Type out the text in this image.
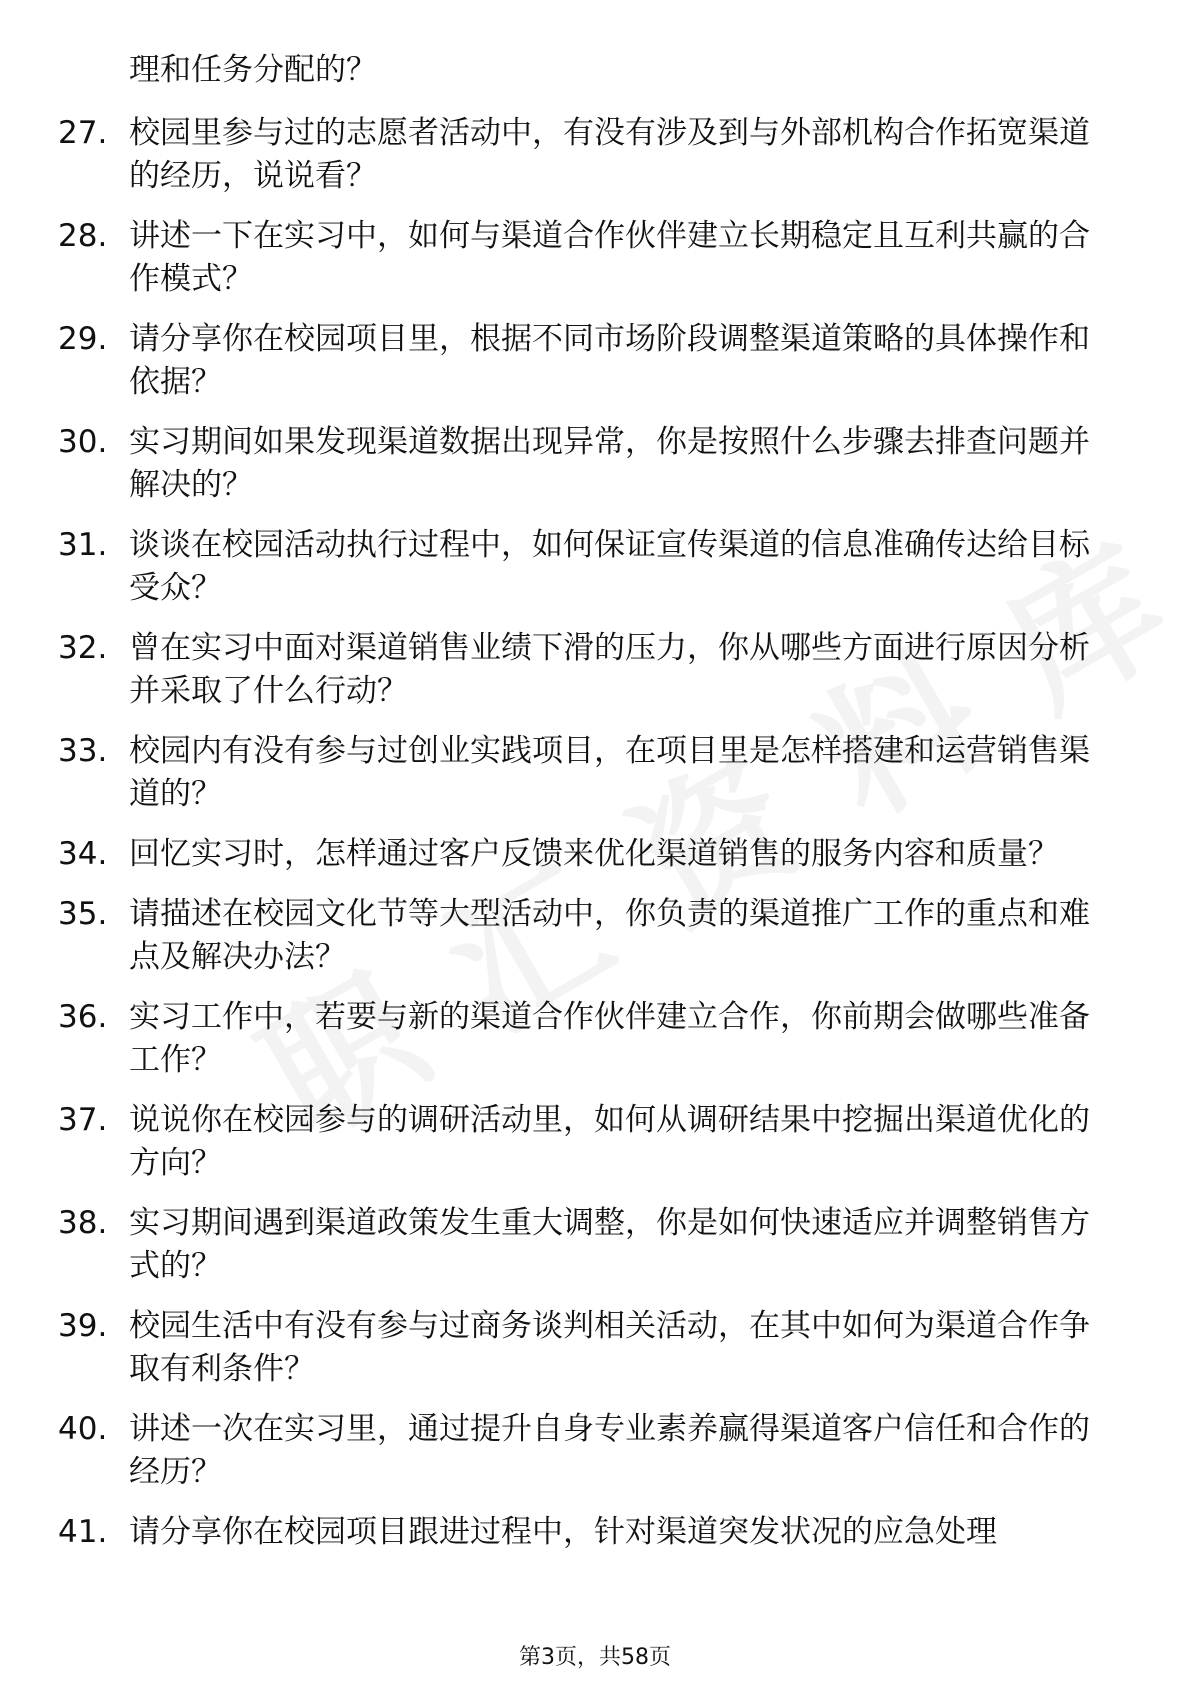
理和任务分配的？
27. 校园里参与过的志愿者活动中，有没有涉及到与外部机构合作拓宽渠道的经历，说说看？
28. 讲述一下在实习中，如何与渠道合作伙伴建立长期稳定且互利共赢的合作模式？
29. 请分享你在校园项目里，根据不同市场阶段调整渠道策略的具体操作和依据？
30. 实习期间如果发现渠道数据出现异常，你是按照什么步骤去排查问题并解决的？
31. 谈谈在校园活动执行过程中，如何保证宣传渠道的信息准确传达给目标受众？
32. 曾在实习中面对渠道销售业绩下滑的压力，你从哪些方面进行原因分析并采取了什么行动？
33. 校园内有没有参与过创业实践项目，在项目里是怎样搭建和运营销售渠道的？
34. 回忆实习时，怎样通过客户反馈来优化渠道销售的服务内容和质量？
35. 请描述在校园文化节等大型活动中，你负责的渠道推广工作的重点和难点及解决办法？
36. 实习工作中，若要与新的渠道合作伙伴建立合作，你前期会做哪些准备工作？
37. 说说你在校园参与的调研活动里，如何从调研结果中挖掘出渠道优化的方向？
38. 实习期间遇到渠道政策发生重大调整，你是如何快速适应并调整销售方式的？
39. 校园生活中有没有参与过商务谈判相关活动，在其中如何为渠道合作争取有利条件？
40. 讲述一次在实习里，通过提升自身专业素养赢得渠道客户信任和合作的经历？
41. 请分享你在校园项目跟进过程中，针对渠道突发状况的应急处理
第3页，共58页
